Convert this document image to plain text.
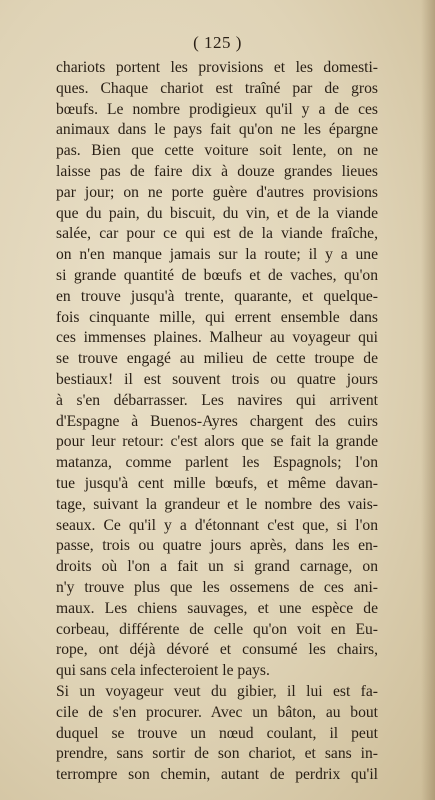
( 125 )
chariots portent les provisions et les domesti-
ques. Chaque chariot est traîné par de gros
bœufs. Le nombre prodigieux qu'il y a de ces
animaux dans le pays fait qu'on ne les épargne
pas. Bien que cette voiture soit lente, on ne
laisse pas de faire dix à douze grandes lieues
par jour; on ne porte guère d'autres provisions
que du pain, du biscuit, du vin, et de la viande
salée, car pour ce qui est de la viande fraîche,
on n'en manque jamais sur la route; il y a une
si grande quantité de bœufs et de vaches, qu'on
en trouve jusqu'à trente, quarante, et quelque-
fois cinquante mille, qui errent ensemble dans
ces immenses plaines. Malheur au voyageur qui
se trouve engagé au milieu de cette troupe de
bestiaux! il est souvent trois ou quatre jours
à s'en débarrasser. Les navires qui arrivent
d'Espagne à Buenos-Ayres chargent des cuirs
pour leur retour: c'est alors que se fait la grande
matanza, comme parlent les Espagnols; l'on
tue jusqu'à cent mille bœufs, et même davan-
tage, suivant la grandeur et le nombre des vais-
seaux. Ce qu'il y a d'étonnant c'est que, si l'on
passe, trois ou quatre jours après, dans les en-
droits où l'on a fait un si grand carnage, on
n'y trouve plus que les ossemens de ces ani-
maux. Les chiens sauvages, et une espèce de
corbeau, différente de celle qu'on voit en Eu-
rope, ont déjà dévoré et consumé les chairs,
qui sans cela infecteroient le pays.
Si un voyageur veut du gibier, il lui est fa-
cile de s'en procurer. Avec un bâton, au bout
duquel se trouve un nœud coulant, il peut
prendre, sans sortir de son chariot, et sans in-
terrompre son chemin, autant de perdrix qu'il
